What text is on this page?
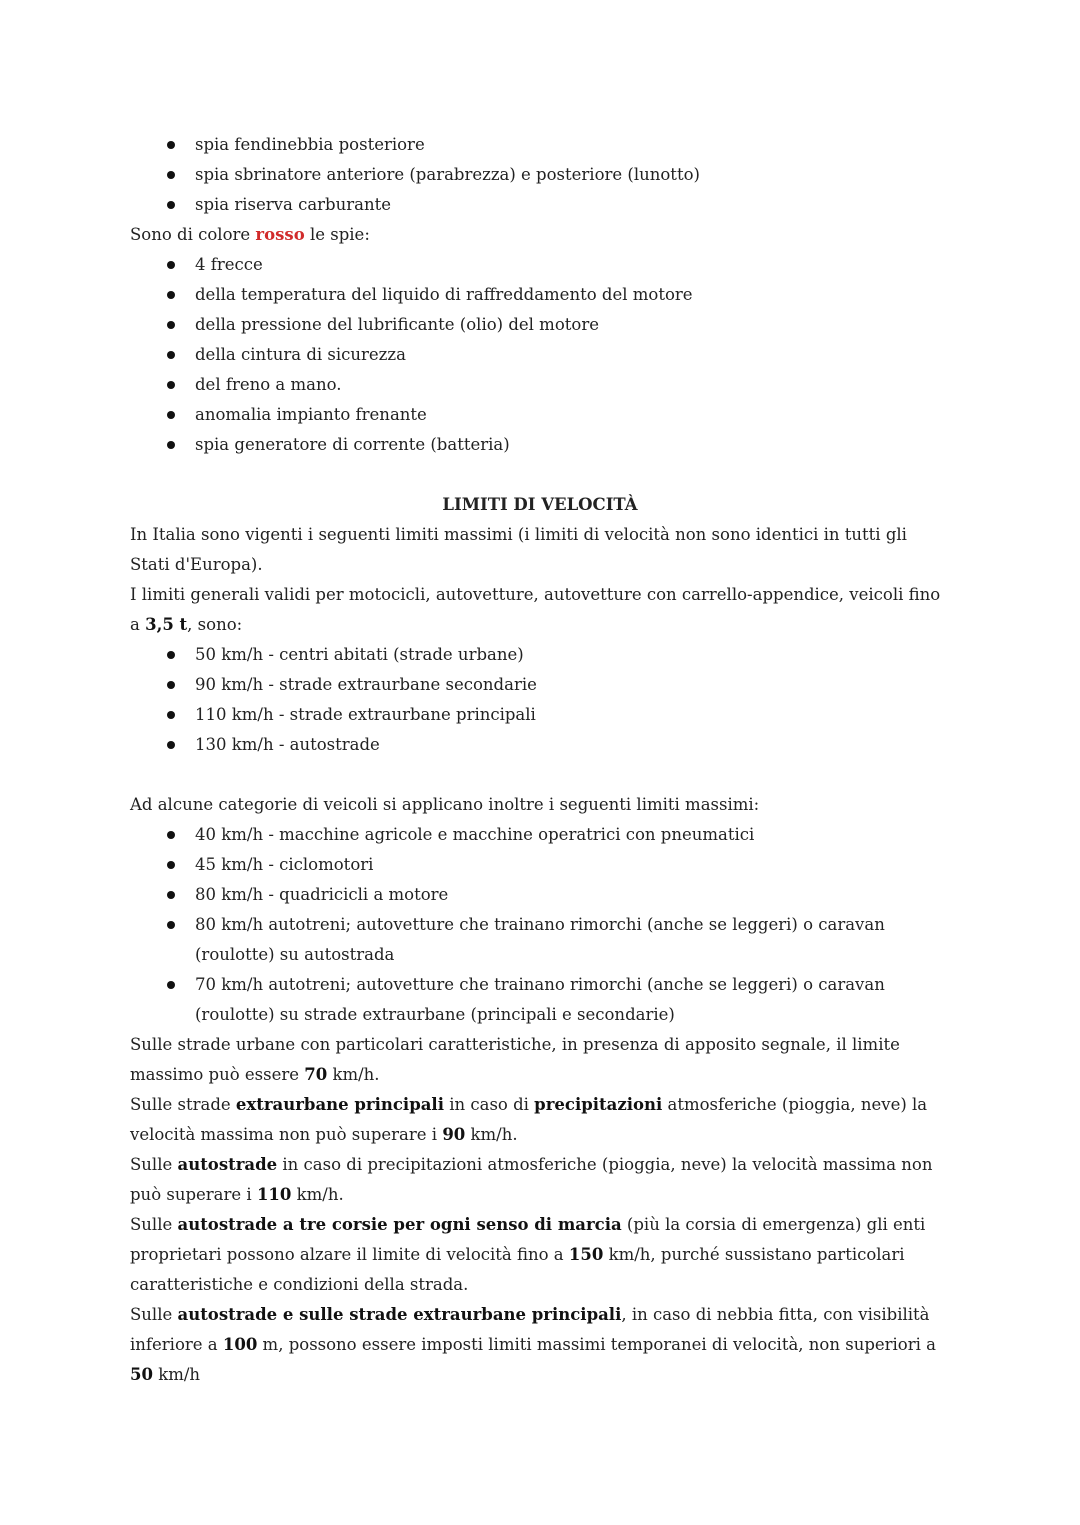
spia fendinebbia posteriore
spia sbrinatore anteriore (parabrezza) e posteriore (lunotto)
spia riserva carburante

Sono di colore rosso le spie:

4 frecce
della temperatura del liquido di raffreddamento del motore
della pressione del lubrificante (olio) del motore
della cintura di sicurezza
del freno a mano.
anomalia impianto frenante
spia generatore di corrente (batteria)

LIMITI DI VELOCITÀ

In Italia sono vigenti i seguenti limiti massimi (i limiti di velocità non sono identici in tutti gli Stati d'Europa).

I limiti generali validi per motocicli, autovetture, autovetture con carrello-appendice, veicoli fino a 3,5 t, sono:

50 km/h - centri abitati (strade urbane)
90 km/h - strade extraurbane secondarie
110 km/h - strade extraurbane principali
130 km/h - autostrade

Ad alcune categorie di veicoli si applicano inoltre i seguenti limiti massimi:

40 km/h - macchine agricole e macchine operatrici con pneumatici
45 km/h - ciclomotori
80 km/h - quadricicli a motore
80 km/h autotreni; autovetture che trainano rimorchi (anche se leggeri) o caravan (roulotte) su autostrada
70 km/h autotreni; autovetture che trainano rimorchi (anche se leggeri) o caravan (roulotte) su strade extraurbane (principali e secondarie)

Sulle strade urbane con particolari caratteristiche, in presenza di apposito segnale, il limite massimo può essere 70 km/h.

Sulle strade extraurbane principali in caso di precipitazioni atmosferiche (pioggia, neve) la velocità massima non può superare i 90 km/h.

Sulle autostrade in caso di precipitazioni atmosferiche (pioggia, neve) la velocità massima non può superare i 110 km/h.

Sulle autostrade a tre corsie per ogni senso di marcia (più la corsia di emergenza) gli enti proprietari possono alzare il limite di velocità fino a 150 km/h, purché sussistano particolari caratteristiche e condizioni della strada.

Sulle autostrade e sulle strade extraurbane principali, in caso di nebbia fitta, con visibilità inferiore a 100 m, possono essere imposti limiti massimi temporanei di velocità, non superiori a 50 km/h
